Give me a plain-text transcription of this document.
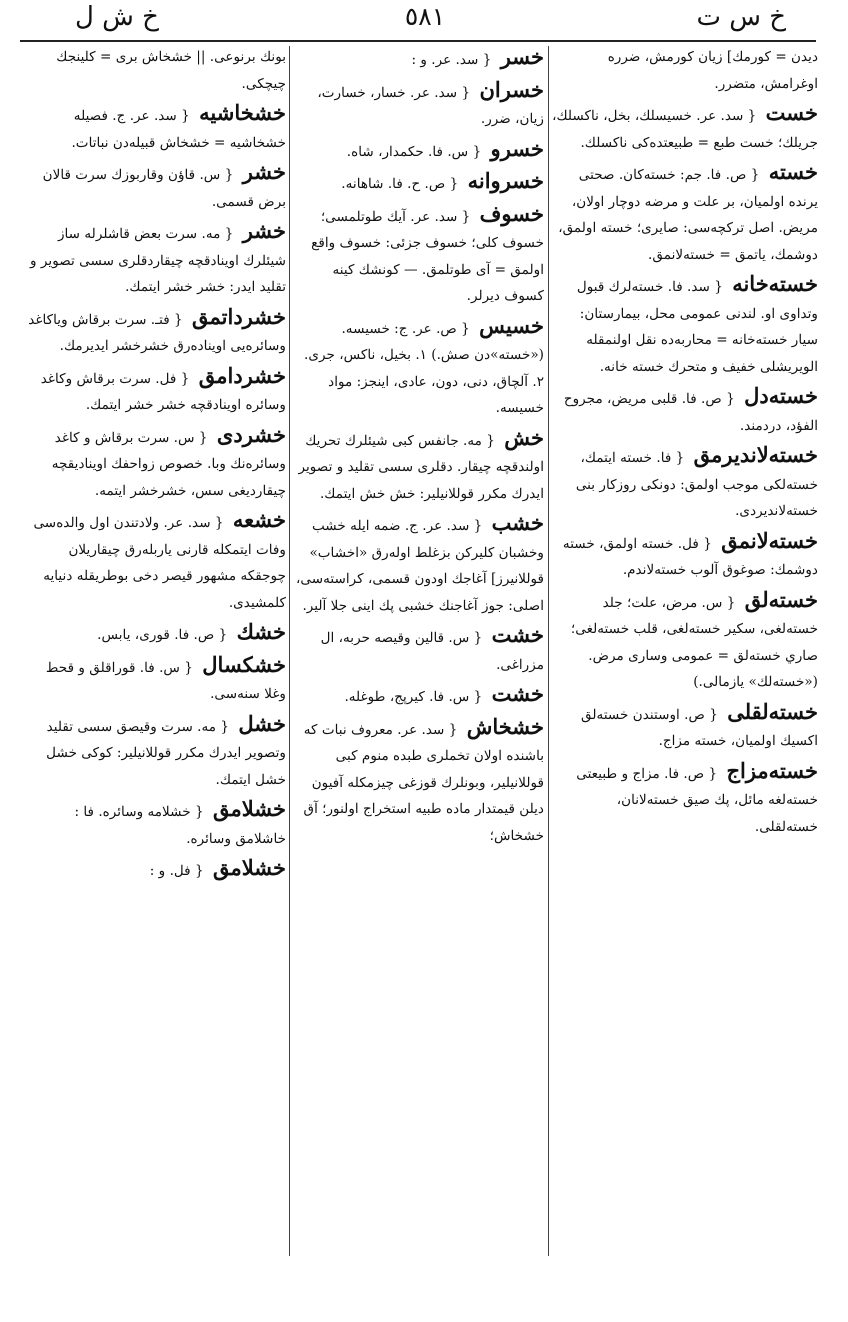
خ س ت
٥٨١
خ ش ل
ديدن = كورمك] زيان كورمش، ضررە اوغرامش، متضرر.
خست { سد. عر. خسيسلك، بخل، ناكسلك، جريلك؛ خست طبع = طبيعتدەكى ناكسلك.
خستە { ص. فا. جم: خستەكان. صحتى يرندە اولميان، بر علت و مرضە دوچار اولان، مريض. اصل تركچەسى: صايرى؛ خستە اولمق، دوشمك، ياتمق = خستەلانمق.
خستەخانە { سد. فا. خستەلرك قبول وتداوى او. لندنى عمومى محل، بيمارستان: سيار خستەخانە = محاربەدە نقل اولنمقلە الويريشلى خفيف و متحرك خستە خانە.
خستەدل { ص. فا. قلبى مريض، مجروح الفؤد، دردمند.
خستەلانديرمق { فا. خستە ايتمك، خستەلكى موجب اولمق: دونكى روزكار بنى خستەلانديردى.
خستەلانمق { فل. خستە اولمق، خستە دوشمك: صوغوق آلوب خستەلاندم.
خستەلق { س. مرض، علت؛ جلد خستەلغى، سكير خستەلغى، قلب خستەلغى؛ صاري خستەلق = عمومى وسارى مرض. («خستەلك» يازمالى.)
خستەلقلى { ص. اوستندن خستەلق اكسيك اولميان، خستە مزاج.
خستەمزاج { ص. فا. مزاج و طبيعتى خستەلغە مائل، پك صيق خستەلانان، خستەلقلى.
خسر { سد. عر. و :
خسران { سد. عر. خسار، خسارت، زيان، ضرر.
خسرو { س. فا. حكمدار، شاه.
خسروانە { ص. ح. فا. شاهانە.
خسوف { سد. عر. آيك طوتلمسى؛ خسوف كلى؛ خسوف جزئى: خسوف واقع اولمق = آى طوتلمق. — كونشك كينە كسوف ديرلر.
خسيس { ص. عر. ج: خسيسە. («خستە»دن صش.) ١. بخيل، ناكس، جرى. ٢. آلچاق، دنى، دون، عادى، اينجز: مواد خسيسە.
خش { مە. جانفس كبى شيئلرك تحريك اولندقچە چيقار. دقلرى سسى تقليد و تصوير ايدرك مكرر قوللانيلير: خش خش ايتمك.
خشب { سد. عر. ج. ضمە ايلە خشب وخشبان كليركن بزغلط اولەرق «اخشاب» قوللانيرز] آغاجك اودون قسمى، كراستەسى، اصلى: جوز آغاجنك خشبى پك اينى جلا آلير.
خشت { س. قالين وقيصە حربە، ال مزراغى.
خشت { س. فا. كيرپج، طوغلە.
خشخاش { سد. عر. معروف نبات كە باشندە اولان تخملرى طبدە منوم كبى قوللانيلير، وبونلرك قوزغى چيزمكلە آفيون ديلن قيمتدار مادە طبيە استخراج اولنور؛ آق خشخاش؛
بونك برنوعى. || خشخاش برى = كلينجك چيچكى.
خشخاشيە { سد. عر. ج. فصيلە خشخاشيە = خشخاش قبيلەدن نباتات.
خشر { س. قاؤن وقاربوزك سرت قالان برض قسمى.
خشر { مە. سرت بعض قاشلرلە ساز شيئلرك اوينادقچە چيقاردقلرى سسى تصوير و تقليد ايدر: خشر خشر ايتمك.
خشرداتمق { فتـ. سرت برقاش وياكاغد وسائرەيى اوينادەرق خشرخشر ايديرمك.
خشردامق { فل. سرت برقاش وكاغد وسائرە اوينادقچە خشر خشر ايتمك.
خشردى { س. سرت برقاش و كاغد وسائرەنك وبا. خصوص زواحفك اويناديقچە چيقارديغى سس، خشرخشر ايتمە.
خشعە { سد. عر. ولادتندن اول والدەسى وفات ايتمكلە قارنى ياربلەرق چيقاريلان چوجقكە مشهور قيصر دخى بوطريقلە دنيايە كلمشيدى.
خشك { ص. فا. قورى، يابس.
خشكسال { س. فا. قوراقلق و قحط وغلا سنەسى.
خشل { مە. سرت وقيصق سسى تقليد وتصوير ايدرك مكرر قوللانيلير: كوكى خشل خشل ايتمك.
خشلامق { خشلامە وسائرە. فا : خاشلامق وسائرە.
خشلامق { فل. و :
